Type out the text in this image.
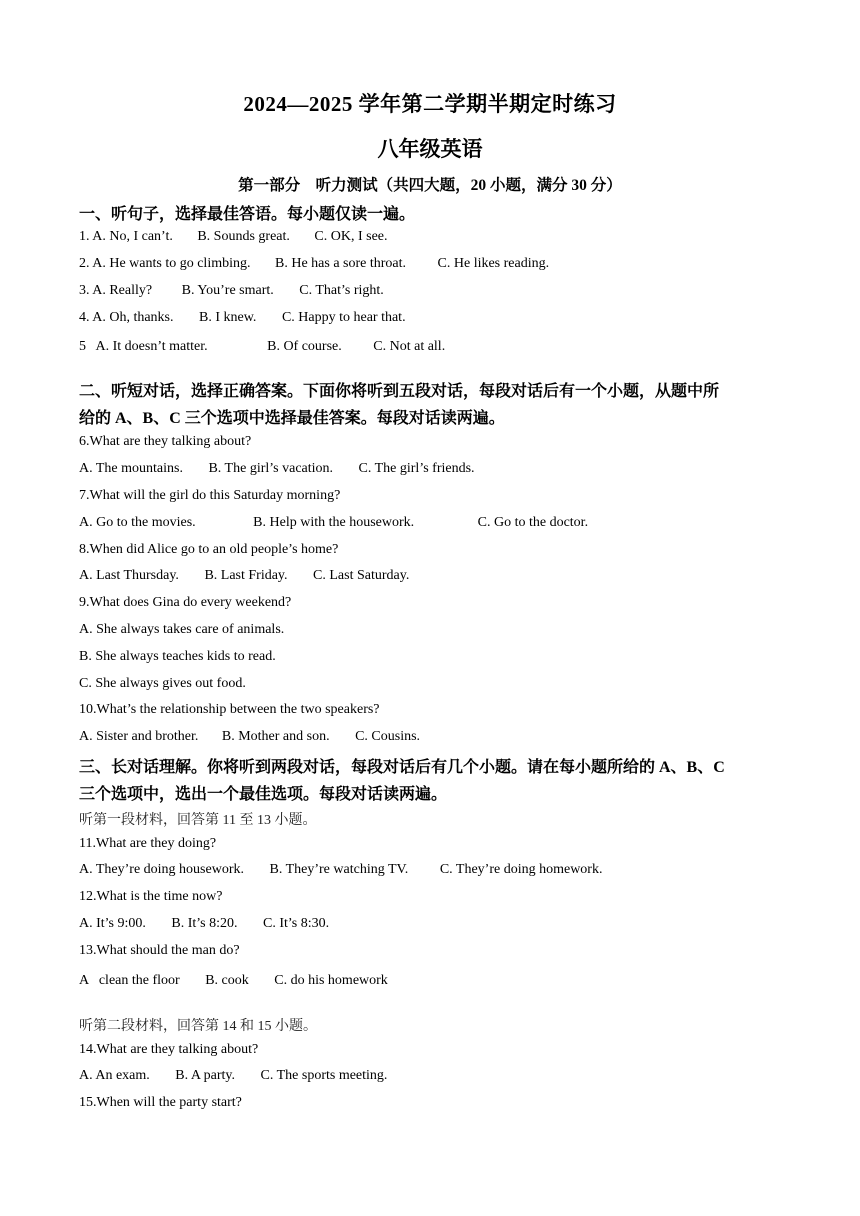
2024—2025 学年第二学期半期定时练习
八年级英语
第一部分　听力测试（共四大题，20 小题，满分 30 分）
一、听句子，选择最佳答语。每小题仅读一遍。
1. A. No, I can’t. B. Sounds great. C. OK, I see.
2. A. He wants to go climbing. B. He has a sore throat. C. He likes reading.
3. A. Really? B. You’re smart. C. That’s right.
4. A. Oh, thanks. B. I knew. C. Happy to hear that.
5 A. It doesn’t matter.	B. Of course. C. Not at all.
二、听短对话，选择正确答案。下面你将听到五段对话，每段对话后有一个小题，从题中所
给的 A、B、C 三个选项中选择最佳答案。每段对话读两遍。
6.What are they talking about?
A. The mountains. B. The girl’s vacation. C. The girl’s friends.
7.What will the girl do this Saturday morning?
A. Go to the movies.	B. Help with the housework.	C. Go to the doctor.
8.When did Alice go to an old people’s home?
A. Last Thursday. B. Last Friday. C. Last Saturday.
9.What does Gina do every weekend?
A. She always takes care of animals.
B. She always teaches kids to read.
C. She always gives out food.
10.What’s the relationship between the two speakers?
A. Sister and brother. B. Mother and son. C. Cousins.
三、长对话理解。你将听到两段对话，每段对话后有几个小题。请在每小题所给的 A、B、C
三个选项中，选出一个最佳选项。每段对话读两遍。
听第一段材料，回答第 11 至 13 小题。
11.What are they doing?
A. They’re doing housework. B. They’re watching TV. C. They’re doing homework.
12.What is the time now?
A. It’s 9:00. B. It’s 8:20. C. It’s 8:30.
13.What should the man do?
A   clean the floor B. cook C. do his homework
听第二段材料，回答第 14 和 15 小题。
14.What are they talking about?
A. An exam. B. A party. C. The sports meeting.
15.When will the party start?
